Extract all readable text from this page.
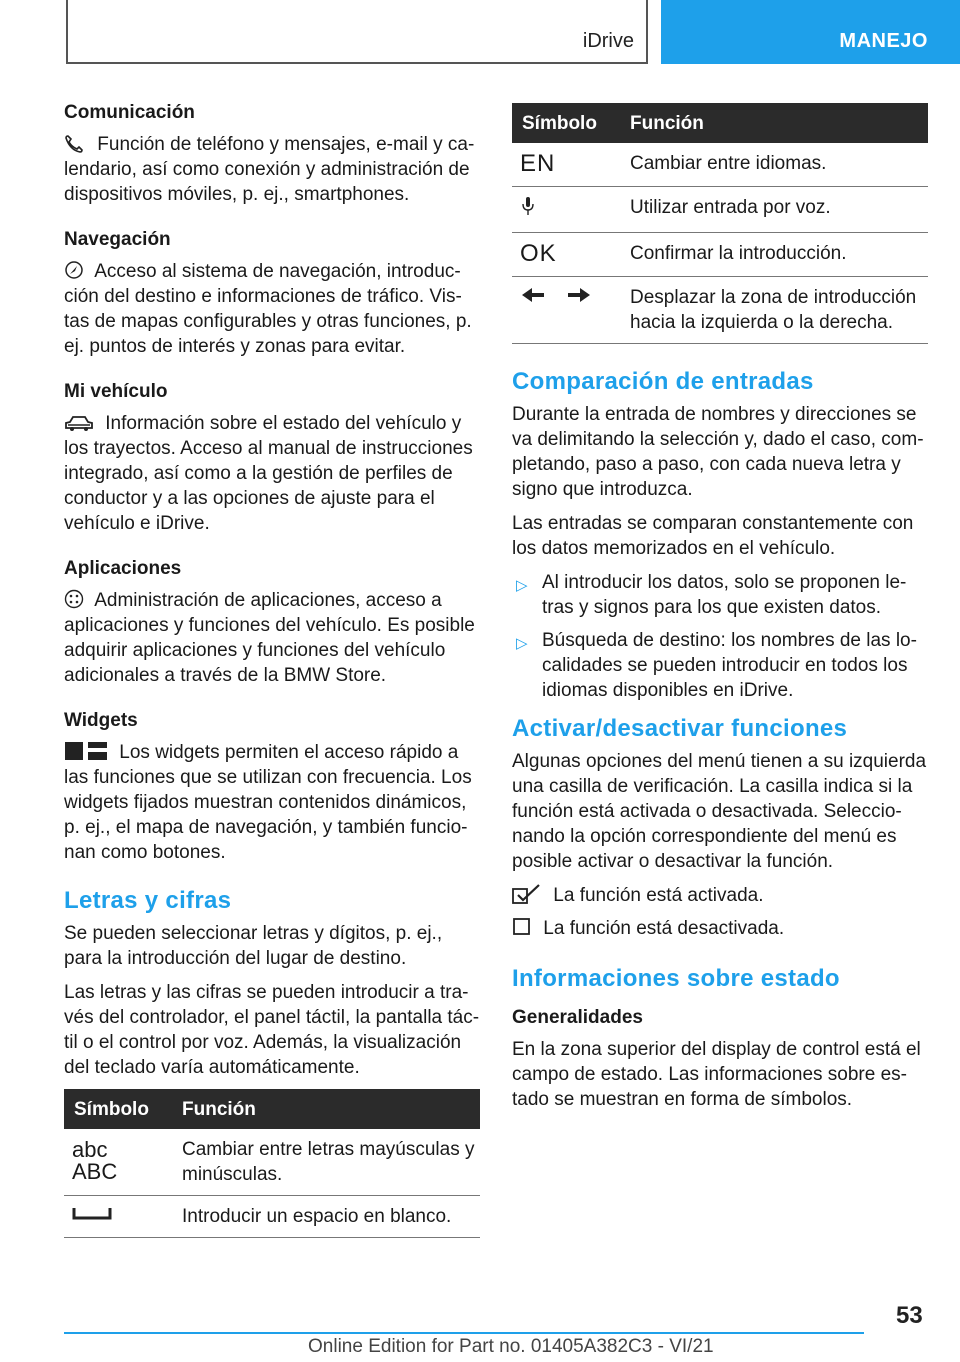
iDrive	MANEJO
Comunicación

Función de teléfono y mensajes, e-mail y calendario, así como conexión y administración de dispositivos móviles, p. ej., smartphones.

Navegación

Acceso al sistema de navegación, introducción del destino e informaciones de tráfico. Vistas de mapas configurables y otras funciones, p. ej. puntos de interés y zonas para evitar.

Mi vehículo

Información sobre el estado del vehículo y los trayectos. Acceso al manual de instrucciones integrado, así como a la gestión de perfiles de conductor y a las opciones de ajuste para el vehículo e iDrive.

Aplicaciones

Administración de aplicaciones, acceso a aplicaciones y funciones del vehículo. Es posible adquirir aplicaciones y funciones del vehículo adicionales a través de la BMW Store.

Widgets

Los widgets permiten el acceso rápido a las funciones que se utilizan con frecuencia. Los widgets fijados muestran contenidos dinámicos, p. ej., el mapa de navegación, y también funcionan como botones.

Letras y cifras

Se pueden seleccionar letras y dígitos, p. ej., para la introducción del lugar de destino.

Las letras y las cifras se pueden introducir a través del controlador, el panel táctil, la pantalla táctil o el control por voz. Además, la visualización del teclado varía automáticamente.

Símbolo	Función

abc
ABC	Cambiar entre letras mayúsculas y minúsculas.
	Introducir un espacio en blanco.
Símbolo	Función
EN	Cambiar entre idiomas.
	Utilizar entrada por voz.
OK	Confirmar la introducción.
	Desplazar la zona de introducción hacia la izquierda o la derecha.
Comparación de entradas

Durante la entrada de nombres y direcciones se va delimitando la selección y, dado el caso, completando, paso a paso, con cada nueva letra y signo que introduzca.

Las entradas se comparan constantemente con los datos memorizados en el vehículo.

▷ Al introducir los datos, solo se proponen letras y signos para los que existen datos.
▷ Búsqueda de destino: los nombres de las localidades se pueden introducir en todos los idiomas disponibles en iDrive.
Activar/desactivar funciones

Algunas opciones del menú tienen a su izquierda una casilla de verificación. La casilla indica si la función está activada o desactivada. Seleccionando la opción correspondiente del menú es posible activar o desactivar la función.

La función está activada.
La función está desactivada.
Informaciones sobre estado
Generalidades

En la zona superior del display de control está el campo de estado. Las informaciones sobre estado se muestran en forma de símbolos.

53
Online Edition for Part no. 01405A382C3 - VI/21
